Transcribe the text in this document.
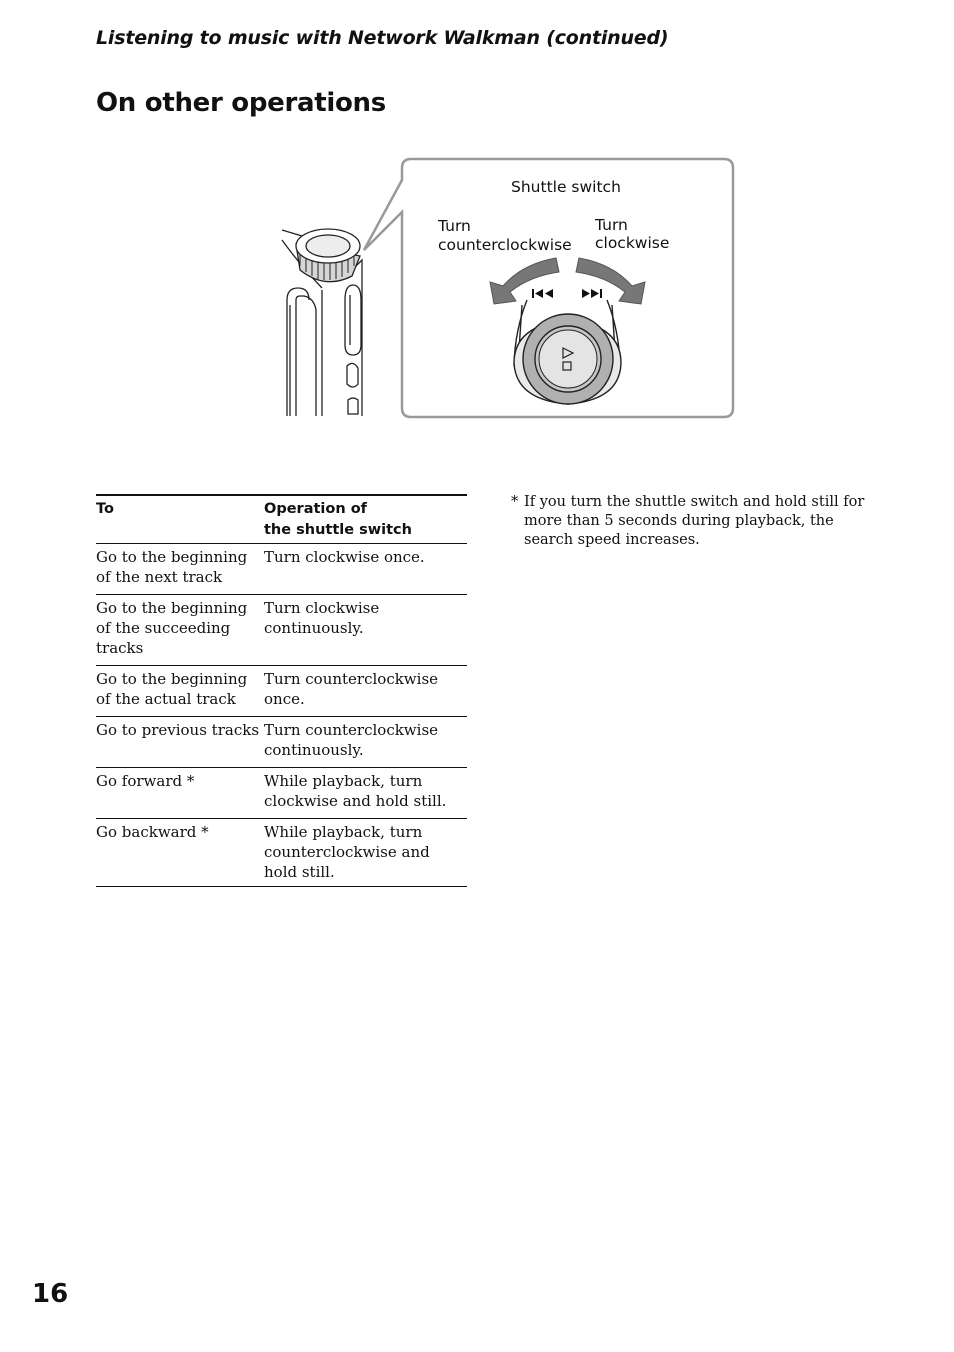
Listening to music with Network Walkman (continued)
On other operations
Shuttle switch
Turn
counterclockwise
Turn
clockwise
To	Operation of
the shuttle switch

Go to the beginning of the next track	Turn clockwise once.
Go to the beginning of the succeeding tracks	Turn clockwise continuously.
Go to the beginning of the actual track	Turn counterclockwise once.
Go to previous tracks	Turn counterclockwise continuously.
Go forward *	While playback, turn clockwise and hold still.
Go backward *	While playback, turn counterclockwise and hold still.
* If you turn the shuttle switch and hold still for more than 5 seconds during playback, the search speed increases.
16
